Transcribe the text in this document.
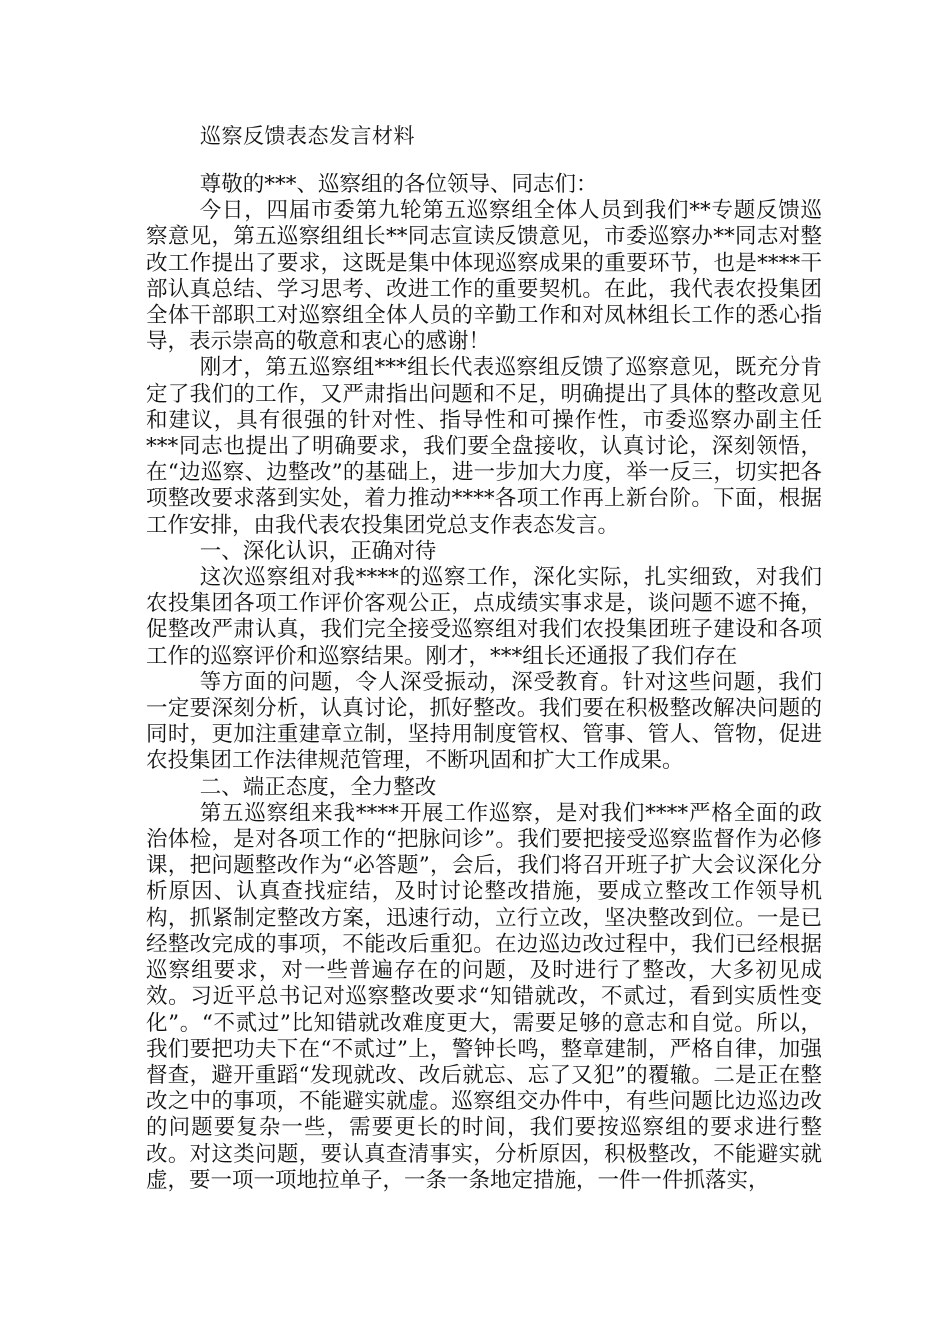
巡察反馈表态发言材料

尊敬的***、巡察组的各位领导、同志们：

今日，四届市委第九轮第五巡察组全体人员到我们**专题反馈巡察意见，第五巡察组组长**同志宣读反馈意见，市委巡察办**同志对整改工作提出了要求，这既是集中体现巡察成果的重要环节，也是****干部认真总结、学习思考、改进工作的重要契机。在此，我代表农投集团全体干部职工对巡察组全体人员的辛勤工作和对凤林组长工作的悉心指导，表示崇高的敬意和衷心的感谢！

刚才，第五巡察组***组长代表巡察组反馈了巡察意见，既充分肯定了我们的工作，又严肃指出问题和不足，明确提出了具体的整改意见和建议，具有很强的针对性、指导性和可操作性，市委巡察办副主任***同志也提出了明确要求，我们要全盘接收，认真讨论，深刻领悟，在“边巡察、边整改”的基础上，进一步加大力度，举一反三，切实把各项整改要求落到实处，着力推动****各项工作再上新台阶。下面，根据工作安排，由我代表农投集团党总支作表态发言。

一、深化认识，正确对待

这次巡察组对我****的巡察工作，深化实际，扎实细致，对我们农投集团各项工作评价客观公正，点成绩实事求是，谈问题不遮不掩，促整改严肃认真，我们完全接受巡察组对我们农投集团班子建设和各项工作的巡察评价和巡察结果。刚才，***组长还通报了我们存在

等方面的问题，令人深受振动，深受教育。针对这些问题，我们一定要深刻分析，认真讨论，抓好整改。我们要在积极整改解决问题的同时，更加注重建章立制，坚持用制度管权、管事、管人、管物，促进农投集团工作法律规范管理，不断巩固和扩大工作成果。

二、端正态度，全力整改

第五巡察组来我****开展工作巡察，是对我们****严格全面的政治体检，是对各项工作的“把脉问诊”。我们要把接受巡察监督作为必修课，把问题整改作为“必答题”，会后，我们将召开班子扩大会议深化分析原因、认真查找症结，及时讨论整改措施，要成立整改工作领导机构，抓紧制定整改方案，迅速行动，立行立改，坚决整改到位。一是已经整改完成的事项，不能改后重犯。在边巡边改过程中，我们已经根据巡察组要求，对一些普遍存在的问题，及时进行了整改，大多初见成效。习近平总书记对巡察整改要求“知错就改，不贰过，看到实质性变化”。“不贰过”比知错就改难度更大，需要足够的意志和自觉。所以，我们要把功夫下在“不贰过”上，警钟长鸣，整章建制，严格自律，加强督查，避开重蹈“发现就改、改后就忘、忘了又犯”的覆辙。二是正在整改之中的事项，不能避实就虚。巡察组交办件中，有些问题比边巡边改的问题要复杂一些，需要更长的时间，我们要按巡察组的要求进行整改。对这类问题，要认真查清事实，分析原因，积极整改，不能避实就虚，要一项一项地拉单子，一条一条地定措施，一件一件抓落实，
